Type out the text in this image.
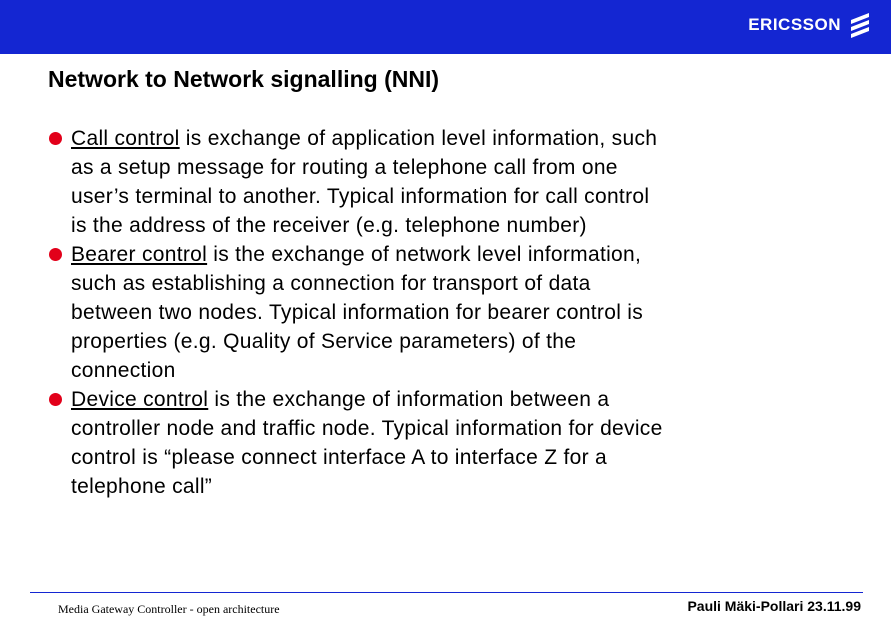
ERICSSON
Network to Network signalling (NNI)
Call control is exchange of application level information, such as a setup message for routing a telephone call from one user’s terminal to another. Typical information for call control is the address of the receiver (e.g. telephone number)
Bearer control is the exchange of network level information, such as establishing a connection for transport of data between two nodes. Typical information for bearer control is properties (e.g. Quality of Service parameters) of the connection
Device control is the exchange of information between a controller node and traffic node. Typical information for device control is “please connect interface A to interface Z for a telephone call”
Media Gateway Controller - open architecture	Pauli Mäki-Pollari 23.11.99
